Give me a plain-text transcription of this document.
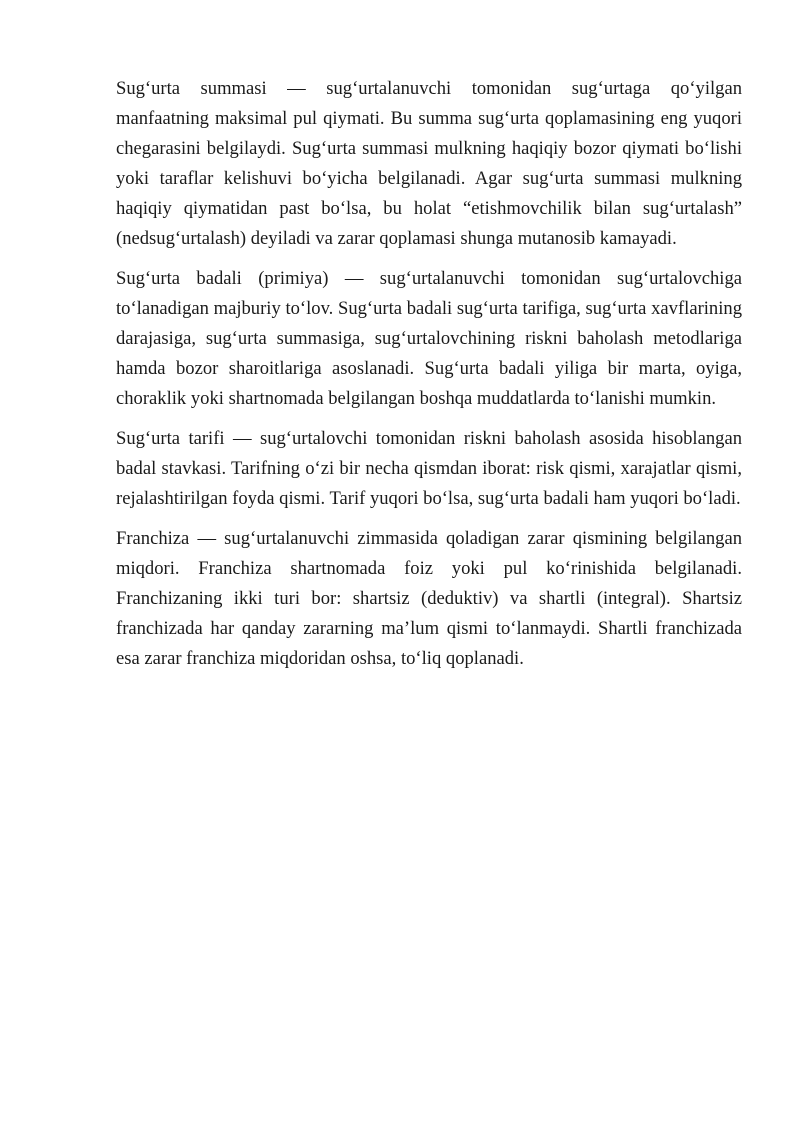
Sug‘urta summasi — sug‘urtalanuvchi tomonidan sug‘urtaga qo‘yilgan manfaatning maksimal pul qiymati. Bu summa sug‘urta qoplamasining eng yuqori chegarasini belgilaydi. Sug‘urta summasi mulkning haqiqiy bozor qiymati bo‘lishi yoki taraflar kelishuvi bo‘yicha belgilanadi. Agar sug‘urta summasi mulkning haqiqiy qiymatidan past bo‘lsa, bu holat “etishmovchilik bilan sug‘urtalash” (nedsug‘urtalash) deyiladi va zarar qoplamasi shunga mutanosib kamayadi.

Sug‘urta badali (primiya) — sug‘urtalanuvchi tomonidan sug‘urtalovchiga to‘lanadigan majburiy to‘lov. Sug‘urta badali sug‘urta tarifiga, sug‘urta xavflarining darajasiga, sug‘urta summasiga, sug‘urtalovchining riskni baholash metodlariga hamda bozor sharoitlariga asoslanadi. Sug‘urta badali yiliga bir marta, oyiga, choraklik yoki shartnomada belgilangan boshqa muddatlarda to‘lanishi mumkin.

Sug‘urta tarifi — sug‘urtalovchi tomonidan riskni baholash asosida hisoblangan badal stavkasi. Tarifning o‘zi bir necha qismdan iborat: risk qismi, xarajatlar qismi, rejalashtirilgan foyda qismi. Tarif yuqori bo‘lsa, sug‘urta badali ham yuqori bo‘ladi.

Franchiza — sug‘urtalanuvchi zimmasida qoladigan zarar qismining belgilangan miqdori. Franchiza shartnomada foiz yoki pul ko‘rinishida belgilanadi. Franchizaning ikki turi bor: shartsiz (deduktiv) va shartli (integral). Shartsiz franchizada har qanday zararning ma’lum qismi to‘lanmaydi. Shartli franchizada esa zarar franchiza miqdoridan oshsa, to‘liq qoplanadi.
